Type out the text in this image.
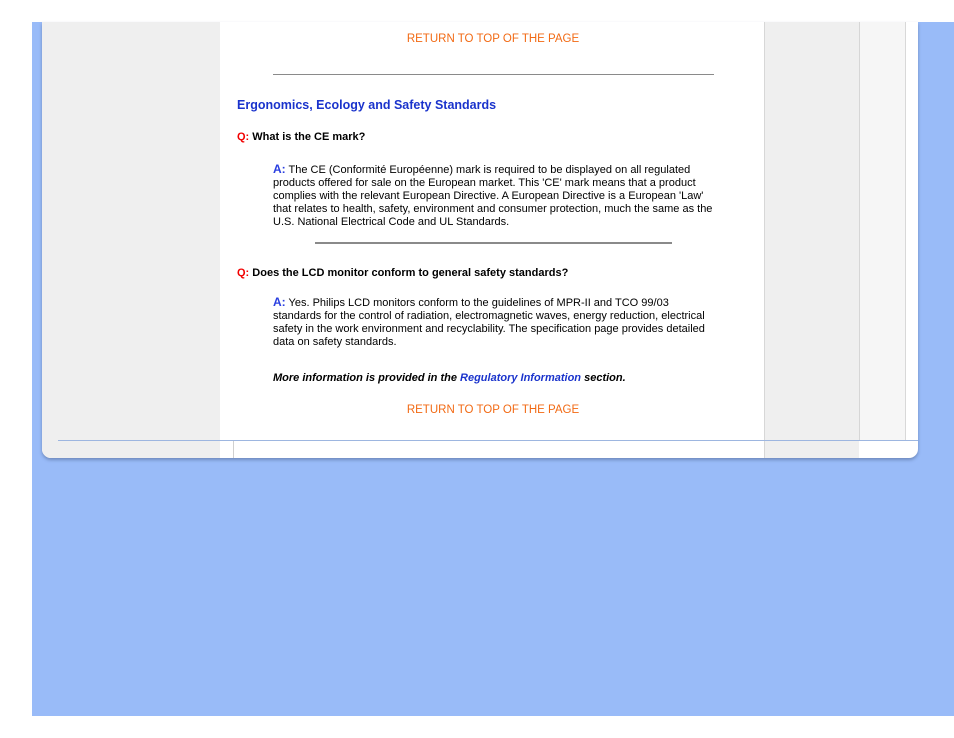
RETURN TO TOP OF THE PAGE
Ergonomics, Ecology and Safety Standards
Q: What is the CE mark?
A: The CE (Conformité Européenne) mark is required to be displayed on all regulated products offered for sale on the European market. This 'CE' mark means that a product complies with the relevant European Directive. A European Directive is a European 'Law' that relates to health, safety, environment and consumer protection, much the same as the U.S. National Electrical Code and UL Standards.
Q: Does the LCD monitor conform to general safety standards?
A: Yes. Philips LCD monitors conform to the guidelines of MPR-II and TCO 99/03 standards for the control of radiation, electromagnetic waves, energy reduction, electrical safety in the work environment and recyclability. The specification page provides detailed data on safety standards.
More information is provided in the Regulatory Information section.
RETURN TO TOP OF THE PAGE
